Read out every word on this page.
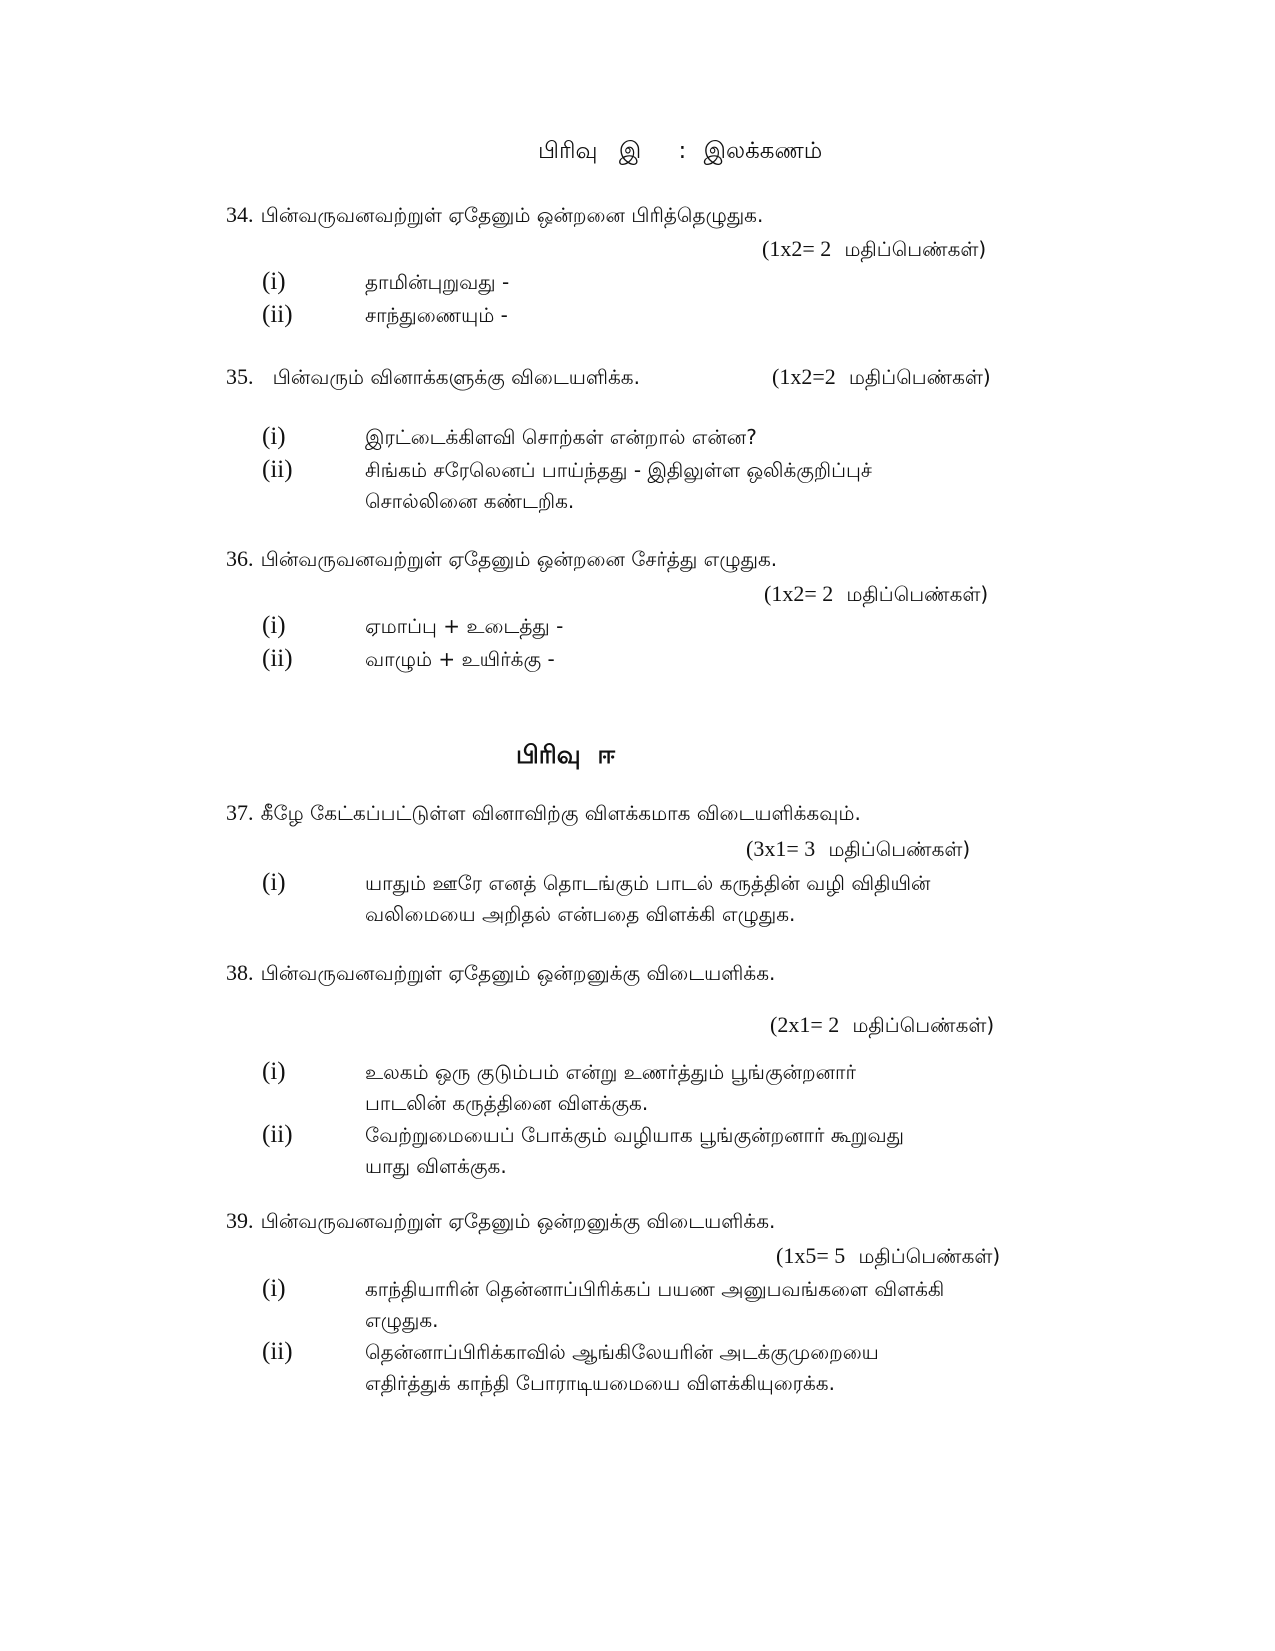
பிரிவு இ : இலக்கணம்
34. பின்வருவனவற்றுள் ஏதேனும் ஒன்றனை பிரித்தெழுதுக.
(1x2= 2 மதிப்பெண்கள்)
(i)	தாமின்புறுவது -
(ii)	சாந்துணையும் -
35. பின்வரும் வினாக்களுக்கு விடையளிக்க.	(1x2=2 மதிப்பெண்கள்)
(i)	இரட்டைக்கிளவி சொற்கள் என்றால் என்ன?
(ii)	சிங்கம் சரேலெனப் பாய்ந்தது - இதிலுள்ள ஒலிக்குறிப்புச்
சொல்லினை கண்டறிக.
36. பின்வருவனவற்றுள் ஏதேனும் ஒன்றனை சேர்த்து எழுதுக.
(1x2= 2 மதிப்பெண்கள்)
(i)	ஏமாப்பு + உடைத்து -
(ii)	வாழும் + உயிர்க்கு -
பிரிவு ஈ
37. கீழே கேட்கப்பட்டுள்ள வினாவிற்கு விளக்கமாக விடையளிக்கவும்.
(3x1= 3 மதிப்பெண்கள்)
(i)	யாதும் ஊரே எனத் தொடங்கும் பாடல் கருத்தின் வழி விதியின்
வலிமையை அறிதல் என்பதை விளக்கி எழுதுக.
38. பின்வருவனவற்றுள் ஏதேனும் ஒன்றனுக்கு விடையளிக்க.
(2x1= 2 மதிப்பெண்கள்)
(i)	உலகம் ஒரு குடும்பம் என்று உணர்த்தும் பூங்குன்றனார்
பாடலின் கருத்தினை விளக்குக.
(ii)	வேற்றுமையைப் போக்கும் வழியாக பூங்குன்றனார் கூறுவது
யாது விளக்குக.
39. பின்வருவனவற்றுள் ஏதேனும் ஒன்றனுக்கு விடையளிக்க.
(1x5= 5 மதிப்பெண்கள்)
(i)	காந்தியாரின் தென்னாப்பிரிக்கப் பயண அனுபவங்களை விளக்கி
எழுதுக.
(ii)	தென்னாப்பிரிக்காவில் ஆங்கிலேயரின் அடக்குமுறையை
எதிர்த்துக் காந்தி போராடியமையை விளக்கியுரைக்க.
